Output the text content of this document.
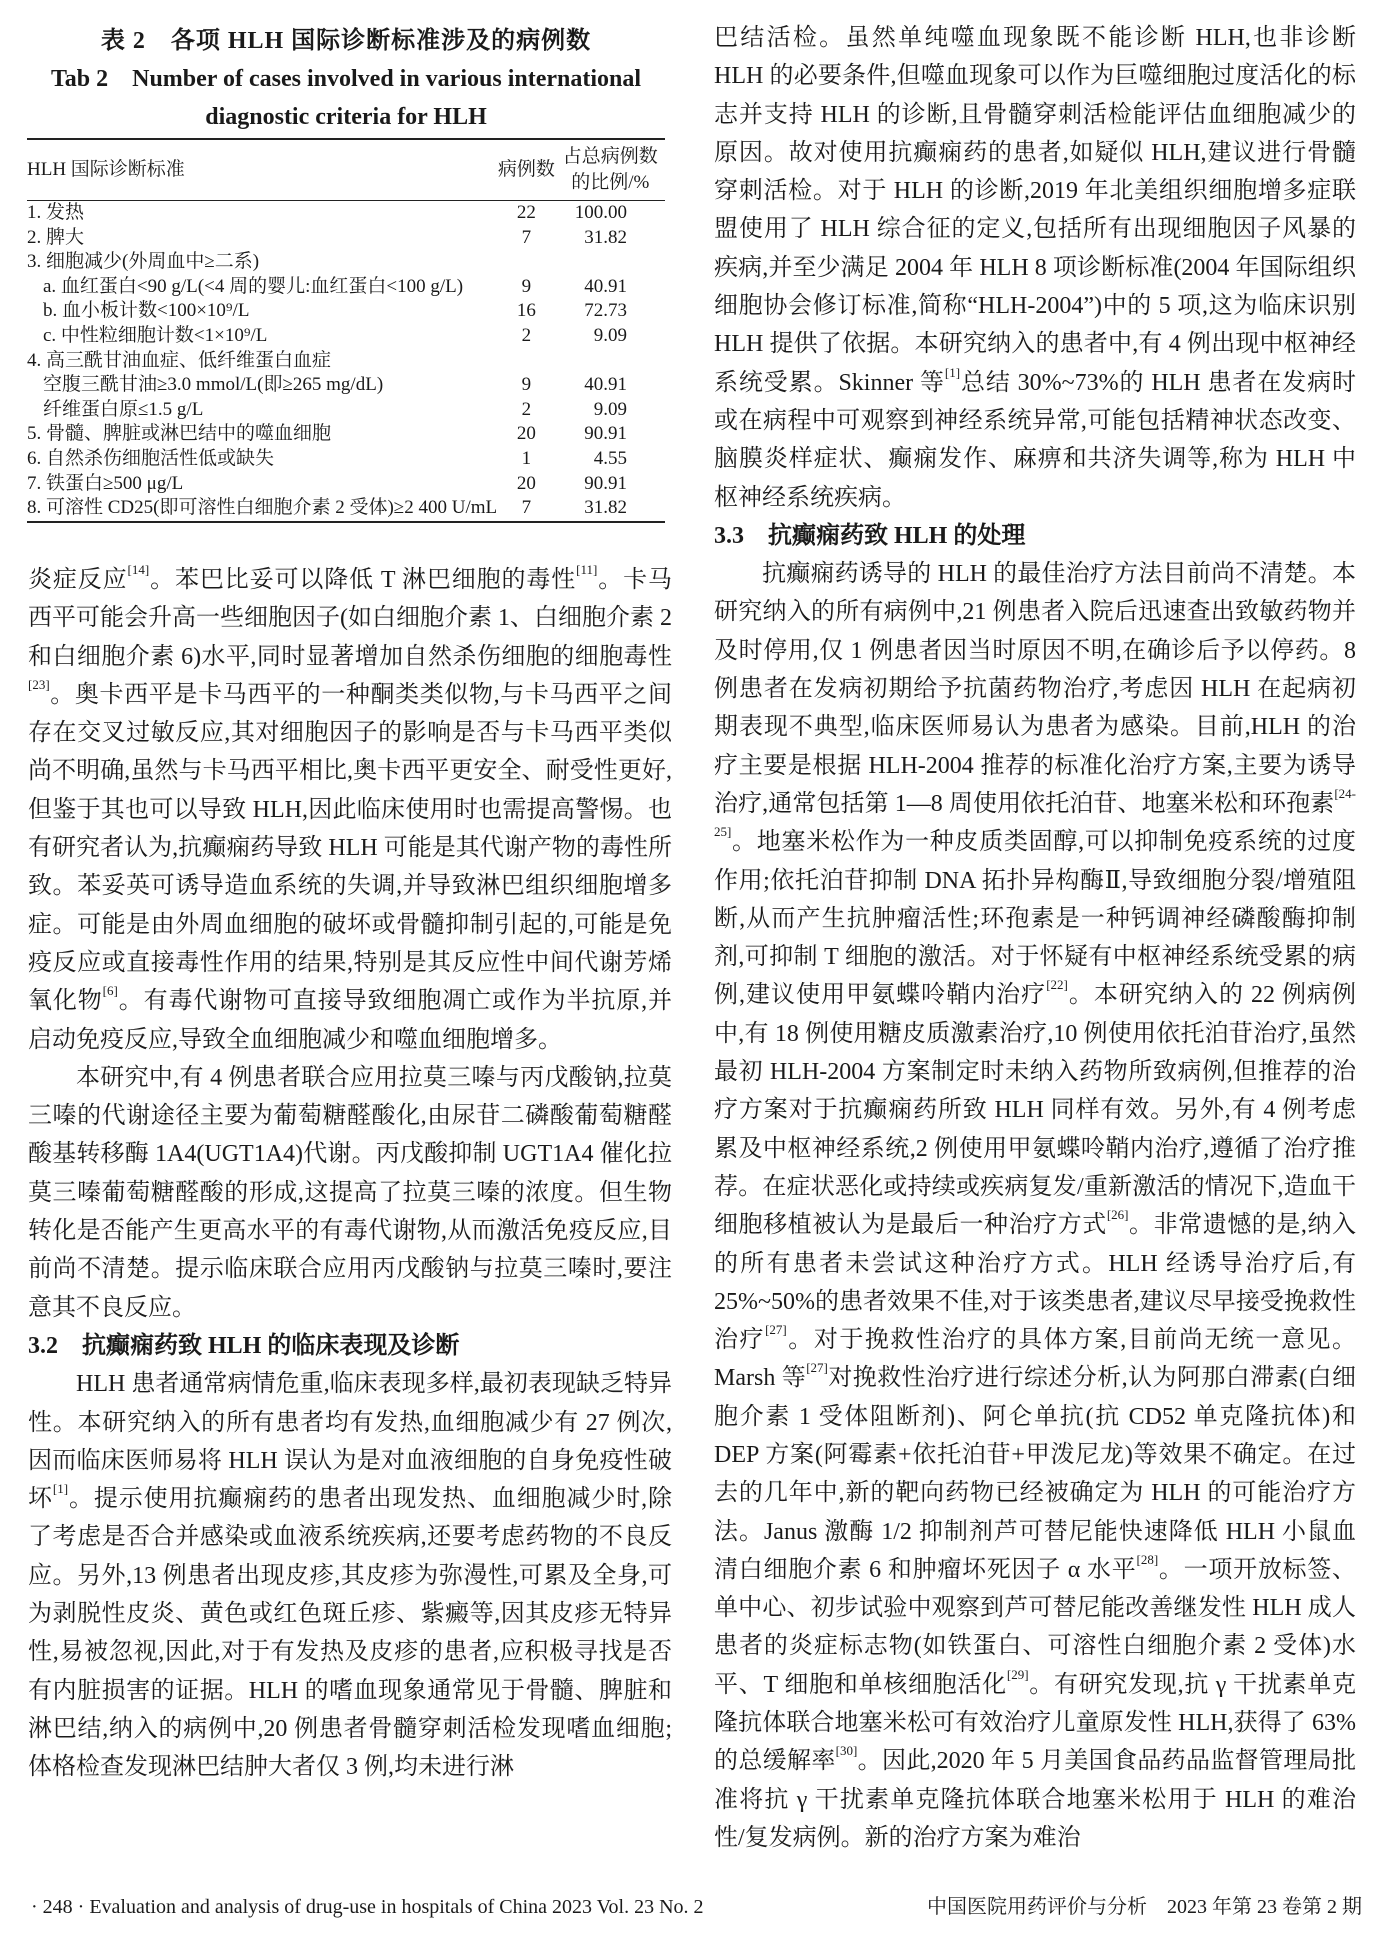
表 2　各项 HLH 国际诊断标准涉及的病例数
Tab 2　Number of cases involved in various international
diagnostic criteria for HLH
HLH 国际诊断标准	病例数	占总病例数
的比例/%
1. 发热	22	100.00
2. 脾大	7	31.82
3. 细胞减少(外周血中≥二系)		
a. 血红蛋白<90 g/L(<4 周的婴儿:血红蛋白<100 g/L)	9	40.91
b. 血小板计数<100×10⁹/L	16	72.73
c. 中性粒细胞计数<1×10⁹/L	2	9.09
4. 高三酰甘油血症、低纤维蛋白血症		
空腹三酰甘油≥3.0 mmol/L(即≥265 mg/dL)	9	40.91
纤维蛋白原≤1.5 g/L	2	9.09
5. 骨髓、脾脏或淋巴结中的噬血细胞	20	90.91
6. 自然杀伤细胞活性低或缺失	1	4.55
7. 铁蛋白≥500 μg/L	20	90.91
8. 可溶性 CD25(即可溶性白细胞介素 2 受体)≥2 400 U/mL	7	31.82

炎症反应[14]。苯巴比妥可以降低 T 淋巴细胞的毒性[11]。卡马西平可能会升高一些细胞因子(如白细胞介素 1、白细胞介素 2 和白细胞介素 6)水平,同时显著增加自然杀伤细胞的细胞毒性[23]。奥卡西平是卡马西平的一种酮类类似物,与卡马西平之间存在交叉过敏反应,其对细胞因子的影响是否与卡马西平类似尚不明确,虽然与卡马西平相比,奥卡西平更安全、耐受性更好,但鉴于其也可以导致 HLH,因此临床使用时也需提高警惕。也有研究者认为,抗癫痫药导致 HLH 可能是其代谢产物的毒性所致。苯妥英可诱导造血系统的失调,并导致淋巴组织细胞增多症。可能是由外周血细胞的破坏或骨髓抑制引起的,可能是免疫反应或直接毒性作用的结果,特别是其反应性中间代谢芳烯氧化物[6]。有毒代谢物可直接导致细胞凋亡或作为半抗原,并启动免疫反应,导致全血细胞减少和噬血细胞增多。

本研究中,有 4 例患者联合应用拉莫三嗪与丙戊酸钠,拉莫三嗪的代谢途径主要为葡萄糖醛酸化,由尿苷二磷酸葡萄糖醛酸基转移酶 1A4(UGT1A4)代谢。丙戊酸抑制 UGT1A4 催化拉莫三嗪葡萄糖醛酸的形成,这提高了拉莫三嗪的浓度。但生物转化是否能产生更高水平的有毒代谢物,从而激活免疫反应,目前尚不清楚。提示临床联合应用丙戊酸钠与拉莫三嗪时,要注意其不良反应。

3.2　抗癫痫药致 HLH 的临床表现及诊断

HLH 患者通常病情危重,临床表现多样,最初表现缺乏特异性。本研究纳入的所有患者均有发热,血细胞减少有 27 例次,因而临床医师易将 HLH 误认为是对血液细胞的自身免疫性破坏[1]。提示使用抗癫痫药的患者出现发热、血细胞减少时,除了考虑是否合并感染或血液系统疾病,还要考虑药物的不良反应。另外,13 例患者出现皮疹,其皮疹为弥漫性,可累及全身,可为剥脱性皮炎、黄色或红色斑丘疹、紫癜等,因其皮疹无特异性,易被忽视,因此,对于有发热及皮疹的患者,应积极寻找是否有内脏损害的证据。HLH 的嗜血现象通常见于骨髓、脾脏和淋巴结,纳入的病例中,20 例患者骨髓穿刺活检发现嗜血细胞;体格检查发现淋巴结肿大者仅 3 例,均未进行淋

巴结活检。虽然单纯噬血现象既不能诊断 HLH,也非诊断 HLH 的必要条件,但噬血现象可以作为巨噬细胞过度活化的标志并支持 HLH 的诊断,且骨髓穿刺活检能评估血细胞减少的原因。故对使用抗癫痫药的患者,如疑似 HLH,建议进行骨髓穿刺活检。对于 HLH 的诊断,2019 年北美组织细胞增多症联盟使用了 HLH 综合征的定义,包括所有出现细胞因子风暴的疾病,并至少满足 2004 年 HLH 8 项诊断标准(2004 年国际组织细胞协会修订标准,简称“HLH-2004”)中的 5 项,这为临床识别 HLH 提供了依据。本研究纳入的患者中,有 4 例出现中枢神经系统受累。Skinner 等[1]总结 30%~73%的 HLH 患者在发病时或在病程中可观察到神经系统异常,可能包括精神状态改变、脑膜炎样症状、癫痫发作、麻痹和共济失调等,称为 HLH 中枢神经系统疾病。

3.3　抗癫痫药致 HLH 的处理

抗癫痫药诱导的 HLH 的最佳治疗方法目前尚不清楚。本研究纳入的所有病例中,21 例患者入院后迅速查出致敏药物并及时停用,仅 1 例患者因当时原因不明,在确诊后予以停药。8 例患者在发病初期给予抗菌药物治疗,考虑因 HLH 在起病初期表现不典型,临床医师易认为患者为感染。目前,HLH 的治疗主要是根据 HLH-2004 推荐的标准化治疗方案,主要为诱导治疗,通常包括第 1—8 周使用依托泊苷、地塞米松和环孢素[24-25]。地塞米松作为一种皮质类固醇,可以抑制免疫系统的过度作用;依托泊苷抑制 DNA 拓扑异构酶Ⅱ,导致细胞分裂/增殖阻断,从而产生抗肿瘤活性;环孢素是一种钙调神经磷酸酶抑制剂,可抑制 T 细胞的激活。对于怀疑有中枢神经系统受累的病例,建议使用甲氨蝶呤鞘内治疗[22]。本研究纳入的 22 例病例中,有 18 例使用糖皮质激素治疗,10 例使用依托泊苷治疗,虽然最初 HLH-2004 方案制定时未纳入药物所致病例,但推荐的治疗方案对于抗癫痫药所致 HLH 同样有效。另外,有 4 例考虑累及中枢神经系统,2 例使用甲氨蝶呤鞘内治疗,遵循了治疗推荐。在症状恶化或持续或疾病复发/重新激活的情况下,造血干细胞移植被认为是最后一种治疗方式[26]。非常遗憾的是,纳入的所有患者未尝试这种治疗方式。HLH 经诱导治疗后,有 25%~50%的患者效果不佳,对于该类患者,建议尽早接受挽救性治疗[27]。对于挽救性治疗的具体方案,目前尚无统一意见。Marsh 等[27]对挽救性治疗进行综述分析,认为阿那白滞素(白细胞介素 1 受体阻断剂)、阿仑单抗(抗 CD52 单克隆抗体)和 DEP 方案(阿霉素+依托泊苷+甲泼尼龙)等效果不确定。在过去的几年中,新的靶向药物已经被确定为 HLH 的可能治疗方法。Janus 激酶 1/2 抑制剂芦可替尼能快速降低 HLH 小鼠血清白细胞介素 6 和肿瘤坏死因子 α 水平[28]。一项开放标签、单中心、初步试验中观察到芦可替尼能改善继发性 HLH 成人患者的炎症标志物(如铁蛋白、可溶性白细胞介素 2 受体)水平、T 细胞和单核细胞活化[29]。有研究发现,抗 γ 干扰素单克隆抗体联合地塞米松可有效治疗儿童原发性 HLH,获得了 63%的总缓解率[30]。因此,2020 年 5 月美国食品药品监督管理局批准将抗 γ 干扰素单克隆抗体联合地塞米松用于 HLH 的难治性/复发病例。新的治疗方案为难治

· 248 · Evaluation and analysis of drug-use in hospitals of China 2023 Vol. 23 No. 2	中国医院用药评价与分析　2023 年第 23 卷第 2 期
